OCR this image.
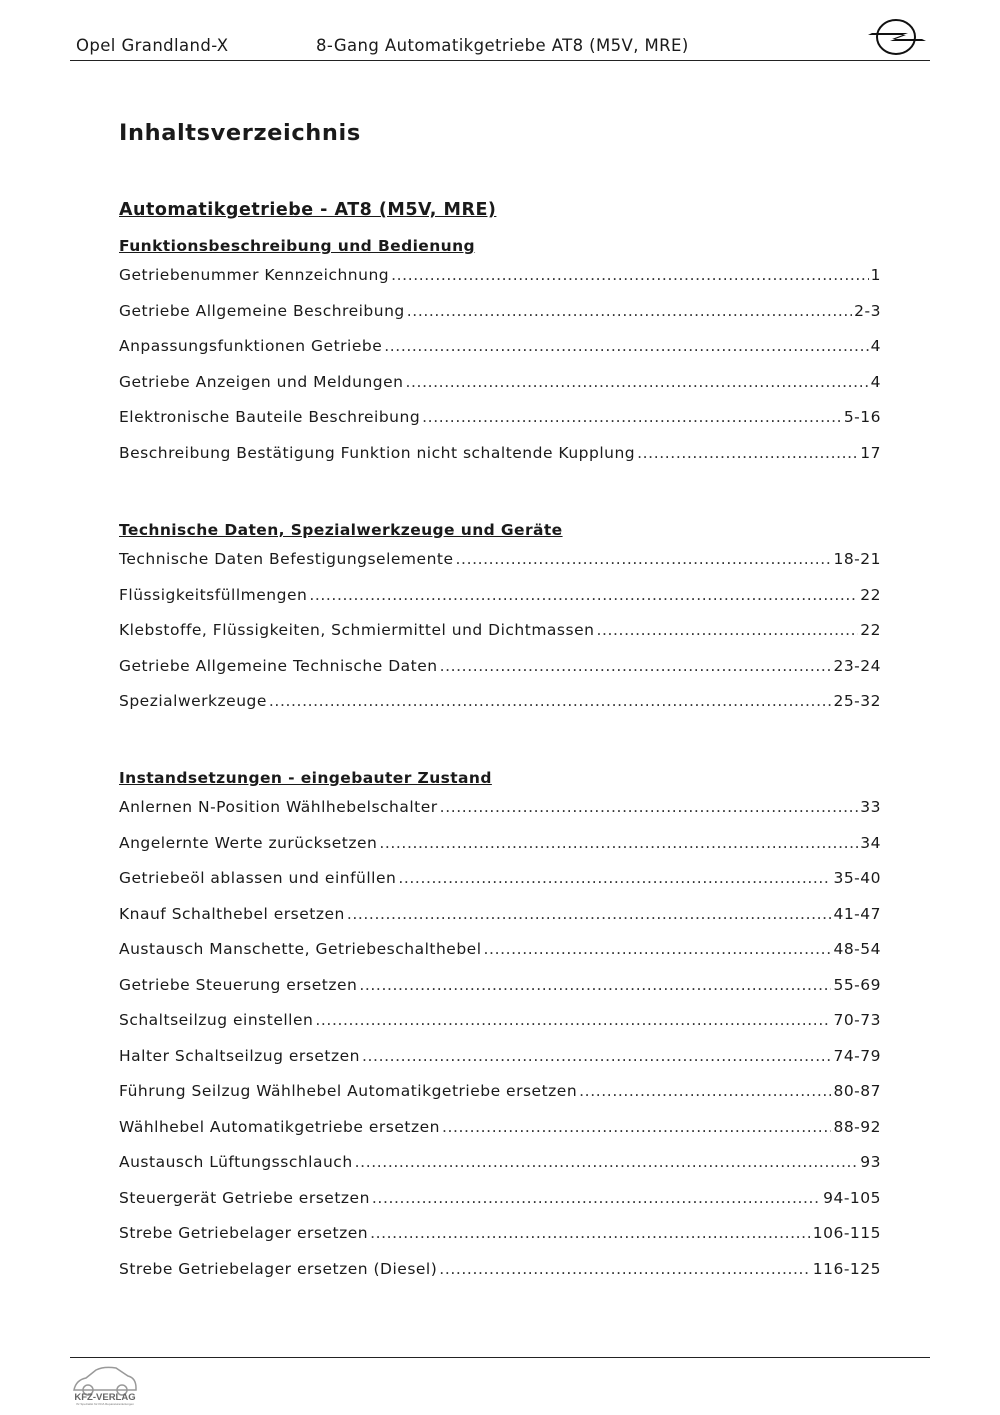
Opel Grandland-X	8-Gang Automatikgetriebe AT8 (M5V, MRE)
Inhaltsverzeichnis
Automatikgetriebe - AT8 (M5V, MRE)
Funktionsbeschreibung und Bedienung
Getriebenummer Kennzeichnung .....	1
Getriebe Allgemeine Beschreibung .....	2-3
Anpassungsfunktionen Getriebe .....	4
Getriebe Anzeigen und Meldungen .....	4
Elektronische Bauteile Beschreibung .....	5-16
Beschreibung Bestätigung Funktion nicht schaltende Kupplung .....	17
Technische Daten, Spezialwerkzeuge und Geräte
Technische Daten Befestigungselemente .....	18-21
Flüssigkeitsfüllmengen .....	22
Klebstoffe, Flüssigkeiten, Schmiermittel und Dichtmassen .....	22
Getriebe Allgemeine Technische Daten .....	23-24
Spezialwerkzeuge .....	25-32
Instandsetzungen - eingebauter Zustand
Anlernen N-Position Wählhebelschalter .....	33
Angelernte Werte zurücksetzen .....	34
Getriebeöl ablassen und einfüllen .....	35-40
Knauf Schalthebel ersetzen .....	41-47
Austausch Manschette, Getriebeschalthebel .....	48-54
Getriebe Steuerung ersetzen .....	55-69
Schaltseilzug einstellen .....	70-73
Halter Schaltseilzug ersetzen .....	74-79
Führung Seilzug Wählhebel Automatikgetriebe ersetzen .....	80-87
Wählhebel Automatikgetriebe ersetzen .....	88-92
Austausch Lüftungsschlauch .....	93
Steuergerät Getriebe ersetzen .....	94-105
Strebe Getriebelager ersetzen .....	106-115
Strebe Getriebelager ersetzen (Diesel) .....	116-125
KFZ-VERLAG
Ihr Spezialist für KFZ-Reparaturanleitungen
